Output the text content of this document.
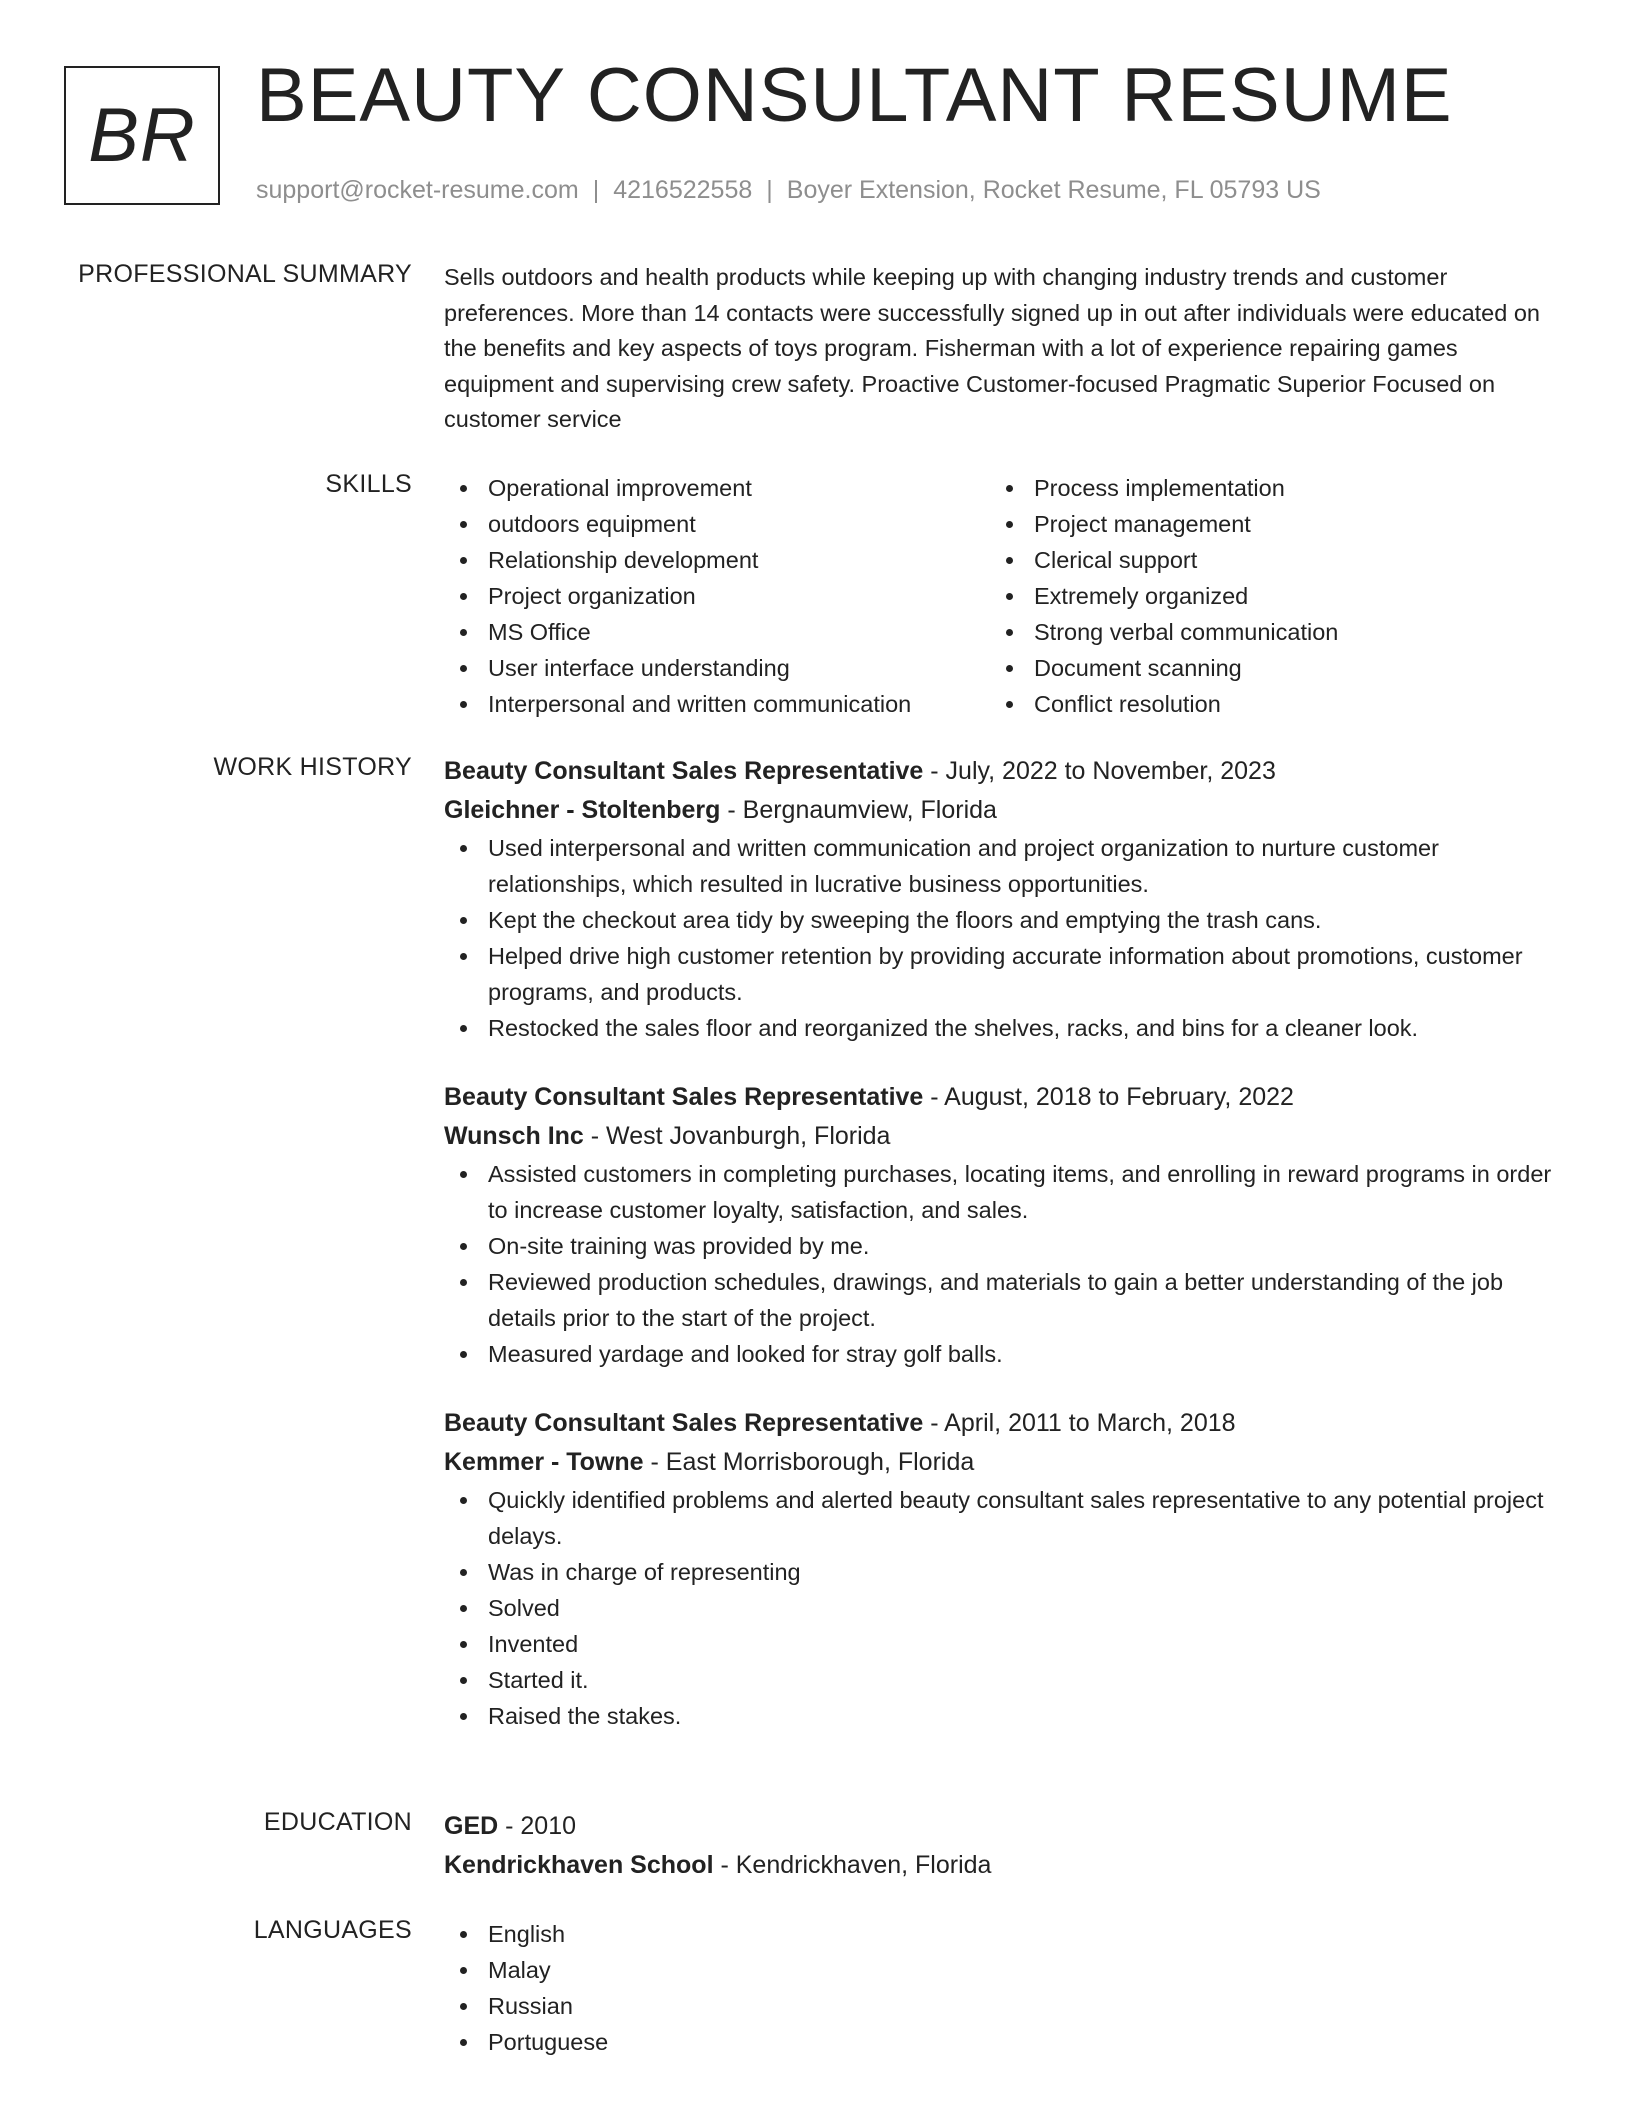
BR BEAUTY CONSULTANT RESUME
support@rocket-resume.com | 4216522558 | Boyer Extension, Rocket Resume, FL 05793 US
PROFESSIONAL SUMMARY Sells outdoors and health products while keeping up with changing industry trends and customer preferences. More than 14 contacts were successfully signed up in out after individuals were educated on the benefits and key aspects of toys program. Fisherman with a lot of experience repairing games equipment and supervising crew safety. Proactive Customer-focused Pragmatic Superior Focused on customer service
SKILLS	Operational improvement
outdoors equipment
Relationship development
Project organization
MS Office
User interface understanding
Interpersonal and written communication
Process implementation
Project management
Clerical support
Extremely organized
Strong verbal communication
Document scanning
Conflict resolution
WORK HISTORY Beauty Consultant Sales Representative - July, 2022 to November, 2023
Gleichner - Stoltenberg - Bergnaumview, Florida
Used interpersonal and written communication and project organization to nurture customer relationships, which resulted in lucrative business opportunities.
Kept the checkout area tidy by sweeping the floors and emptying the trash cans.
Helped drive high customer retention by providing accurate information about promotions, customer programs, and products.
Restocked the sales floor and reorganized the shelves, racks, and bins for a cleaner look.
Beauty Consultant Sales Representative - August, 2018 to February, 2022
Wunsch Inc - West Jovanburgh, Florida
Assisted customers in completing purchases, locating items, and enrolling in reward programs in order to increase customer loyalty, satisfaction, and sales.
On-site training was provided by me.
Reviewed production schedules, drawings, and materials to gain a better understanding of the job details prior to the start of the project.
Measured yardage and looked for stray golf balls.
Beauty Consultant Sales Representative - April, 2011 to March, 2018
Kemmer - Towne - East Morrisborough, Florida
Quickly identified problems and alerted beauty consultant sales representative to any potential project delays.
Was in charge of representing
Solved
Invented
Started it.
Raised the stakes.
EDUCATION GED - 2010
Kendrickhaven School - Kendrickhaven, Florida
LANGUAGES	English
Malay
Russian
Portuguese
